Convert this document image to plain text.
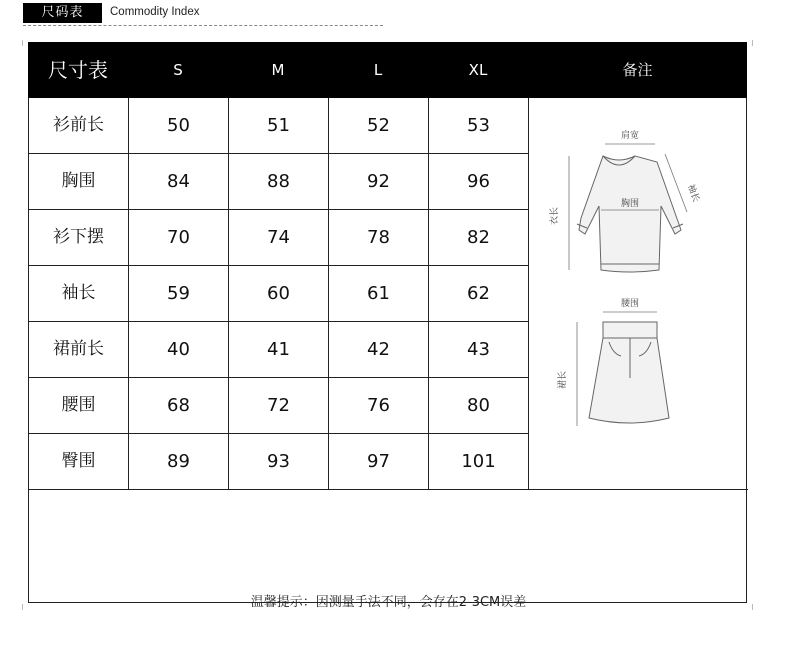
尺码表	Commodity Index
尺寸表	S	M	L	XL	备注
衫前长	50	51	52	53
胸围	84	88	92	96
衫下摆	70	74	78	82
袖长	59	60	61	62
裙前长	40	41	42	43
腰围	68	72	76	80
臀围	89	93	97	101
肩宽
胸围
衣长
袖长
腰围
裙长
温馨提示：因测量手法不同，会存在2-3CM误差
